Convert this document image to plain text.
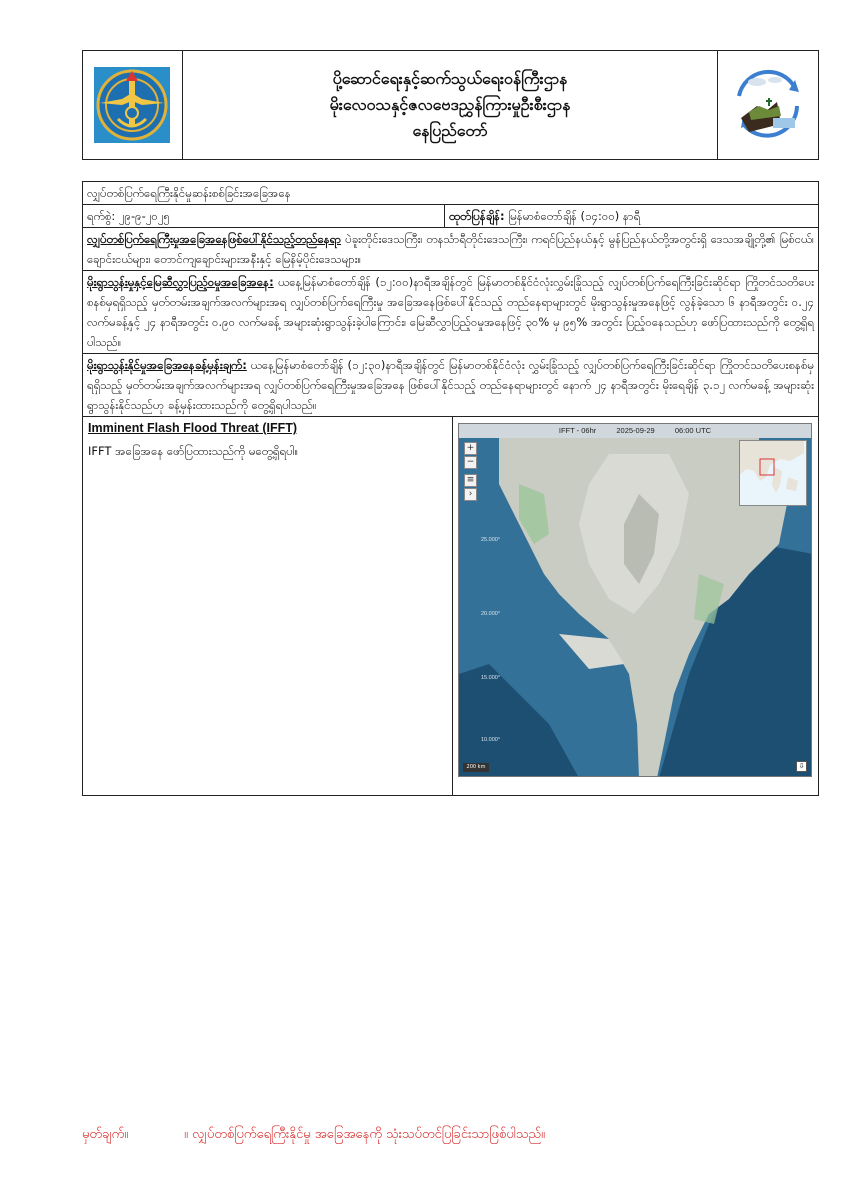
ပို့ဆောင်ရေးနှင့်ဆက်သွယ်ရေးဝန်ကြီးဌာန
မိုးလေဝသနှင့်ဇလဗေဒညွှန်ကြားမှုဦးစီးဌာန
နေပြည်တော်
လျှပ်တစ်ပြက်ရေကြီးနိုင်မှုဆန်းစစ်ခြင်းအခြေအနေ
ရက်စွဲ: ၂၉-၉-၂၀၂၅	ထုတ်ပြန်ချိန်: မြန်မာစံတော်ချိန် (၁၄:၀၀) နာရီ
လျှပ်တစ်ပြက်ရေကြီးမှုအခြေအနေဖြစ်ပေါ်နိုင်သည့်တည်နေရာ ပဲခူးတိုင်းဒေသကြီး၊ တနင်္သာရီတိုင်းဒေသကြီး၊ ကရင်ပြည်နယ်နှင့် မွန်ပြည်နယ်တို့အတွင်းရှိ ဒေသအချို့တို့၏ မြစ်ငယ်၊ ချောင်းငယ်များ၊ တောင်ကျချောင်းများအနီးနှင့် မြေနိမ့်ပိုင်းဒေသများ။
မိုးရွာသွန်းမှုနှင့်မြေဆီလွှာပြည့်ဝမှုအခြေအနေ: ယနေ့မြန်မာစံတော်ချိန် (၁၂:၀၀)နာရီအချိန်တွင် မြန်မာတစ်နိုင်ငံလုံးလွှမ်းခြုံသည့် လျှပ်တစ်ပြက်ရေကြီးခြင်းဆိုင်ရာ ကြိုတင်သတိပေးစနစ်မှရရှိသည့် မှတ်တမ်းအချက်အလက်များအရ လျှပ်တစ်ပြက်ရေကြီးမှု အခြေအနေဖြစ်ပေါ်နိုင်သည့် တည်နေရာများတွင် မိုးရွာသွန်းမှုအနေဖြင့် လွန်ခဲ့သော ၆ နာရီအတွင်း ၀.၂၄ လက်မခန့်နှင့် ၂၄ နာရီအတွင်း ၀.၉၀ လက်မခန့် အများဆုံးရွာသွန်းခဲ့ပါကြောင်း၊ မြေဆီလွှာပြည့်ဝမှုအနေဖြင့် ၃၀% မှ ၉၅% အတွင်း ပြည့်ဝနေသည်ဟု ဖော်ပြထားသည်ကို တွေ့ရှိရပါသည်။
မိုးရွာသွန်းနိုင်မှုအခြေအနေခန့်မှန်းချက်: ယနေ့မြန်မာစံတော်ချိန် (၁၂:၃၀)နာရီအချိန်တွင် မြန်မာတစ်နိုင်ငံလုံး လွှမ်းခြုံသည့် လျှပ်တစ်ပြက်ရေကြီးခြင်းဆိုင်ရာ ကြိုတင်သတိပေးစနစ်မှရရှိသည့် မှတ်တမ်းအချက်အလက်များအရ လျှပ်တစ်ပြက်ရေကြီးမှုအခြေအနေ ဖြစ်ပေါ်နိုင်သည့် တည်နေရာများတွင် နောက် ၂၄ နာရီအတွင်း မိုးရေချိန် ၃.၁၂ လက်မခန့် အများဆုံး ရွာသွန်းနိုင်သည်ဟု ခန့်မှန်းထားသည်ကို တွေ့ရှိရပါသည်။
Imminent Flash Flood Threat (IFFT)
IFFT အခြေအနေ ဖော်ပြထားသည်ကို မတွေ့ရှိရပါ။
IFFT - 06hr	2025-09-29	06:00 UTC
+
−
≡
›
25.000°
20.000°
15.000°
10.000°
200 km	⇩
မှတ်ချက်။	။ လျှပ်တစ်ပြက်ရေကြီးနိုင်မှု အခြေအနေကို သုံးသပ်တင်ပြခြင်းသာဖြစ်ပါသည်။
